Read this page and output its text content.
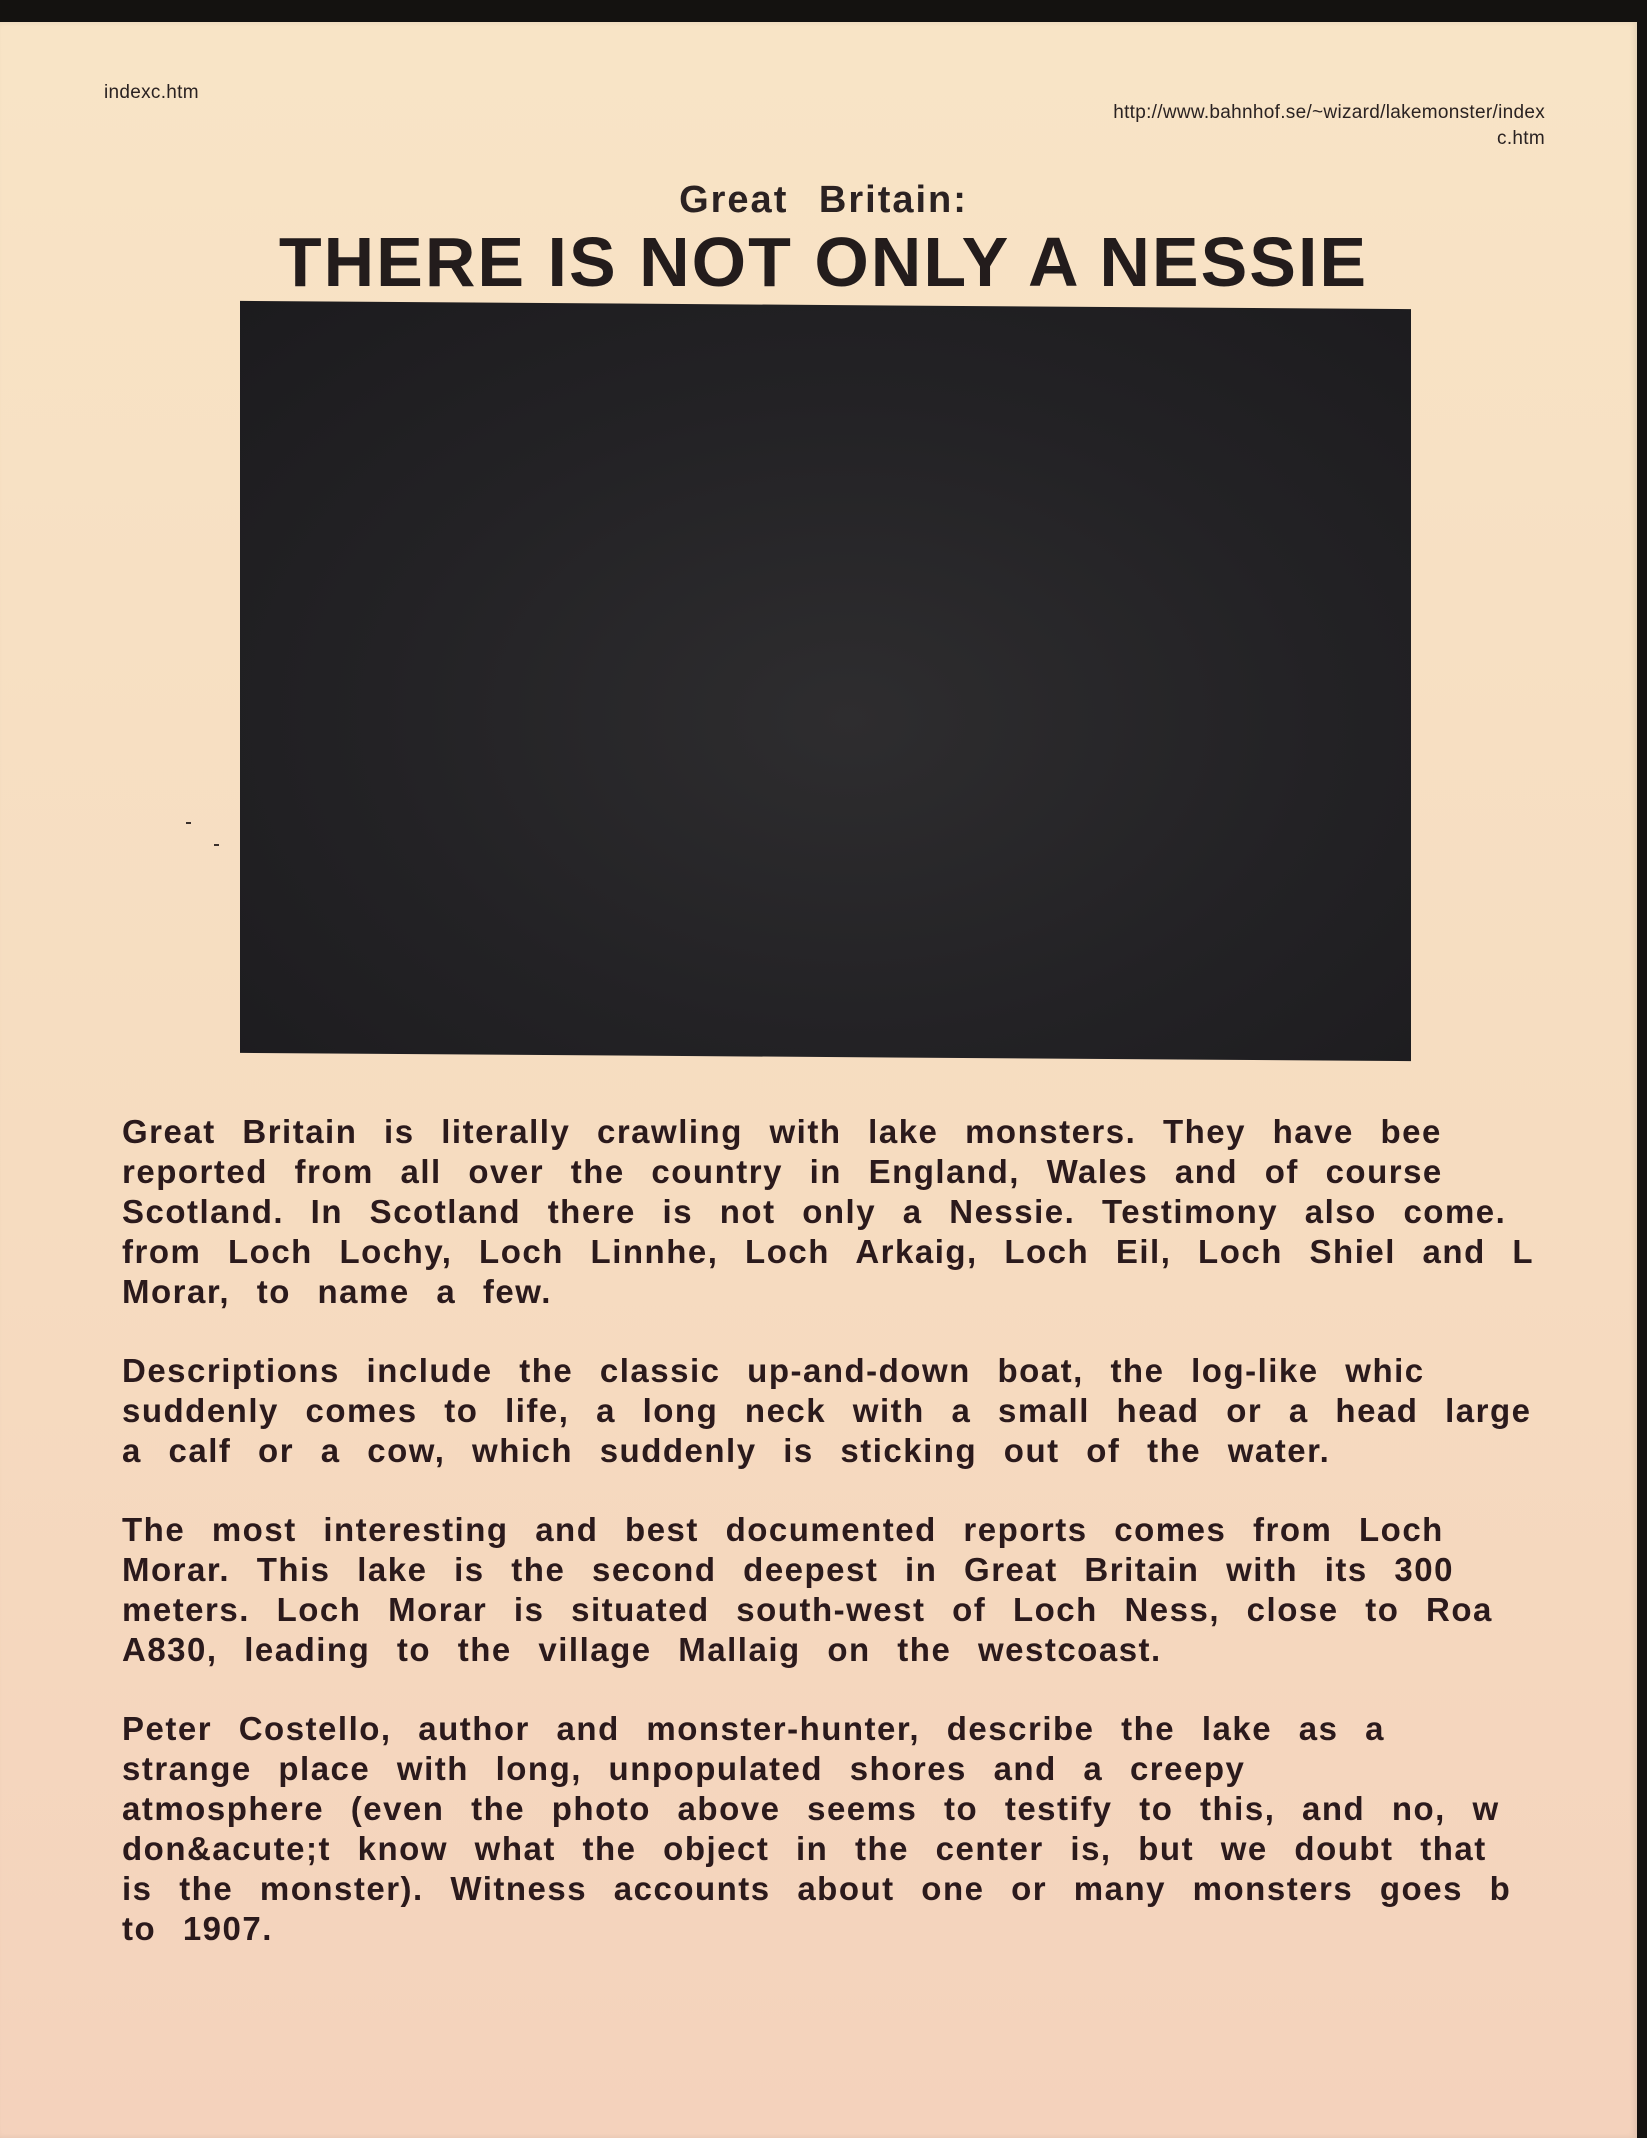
indexc.htm
http://www.bahnhof.se/~wizard/lakemonster/index
c.htm
Great Britain:
THERE IS NOT ONLY A NESSIE

Great Britain is literally crawling with lake monsters. They have bee
reported from all over the country in England, Wales and of course
Scotland. In Scotland there is not only a Nessie. Testimony also come.
from Loch Lochy, Loch Linnhe, Loch Arkaig, Loch Eil, Loch Shiel and L
Morar, to name a few.

Descriptions include the classic up-and-down boat, the log-like whic
suddenly comes to life, a long neck with a small head or a head large
a calf or a cow, which suddenly is sticking out of the water.

The most interesting and best documented reports comes from Loch
Morar. This lake is the second deepest in Great Britain with its 300
meters. Loch Morar is situated south-west of Loch Ness, close to Roa
A830, leading to the village Mallaig on the westcoast.

Peter Costello, author and monster-hunter, describe the lake as a
strange place with long, unpopulated shores and a creepy
atmosphere (even the photo above seems to testify to this, and no, w
don&acute;t know what the object in the center is, but we doubt that
is the monster). Witness accounts about one or many monsters goes b
to 1907.
